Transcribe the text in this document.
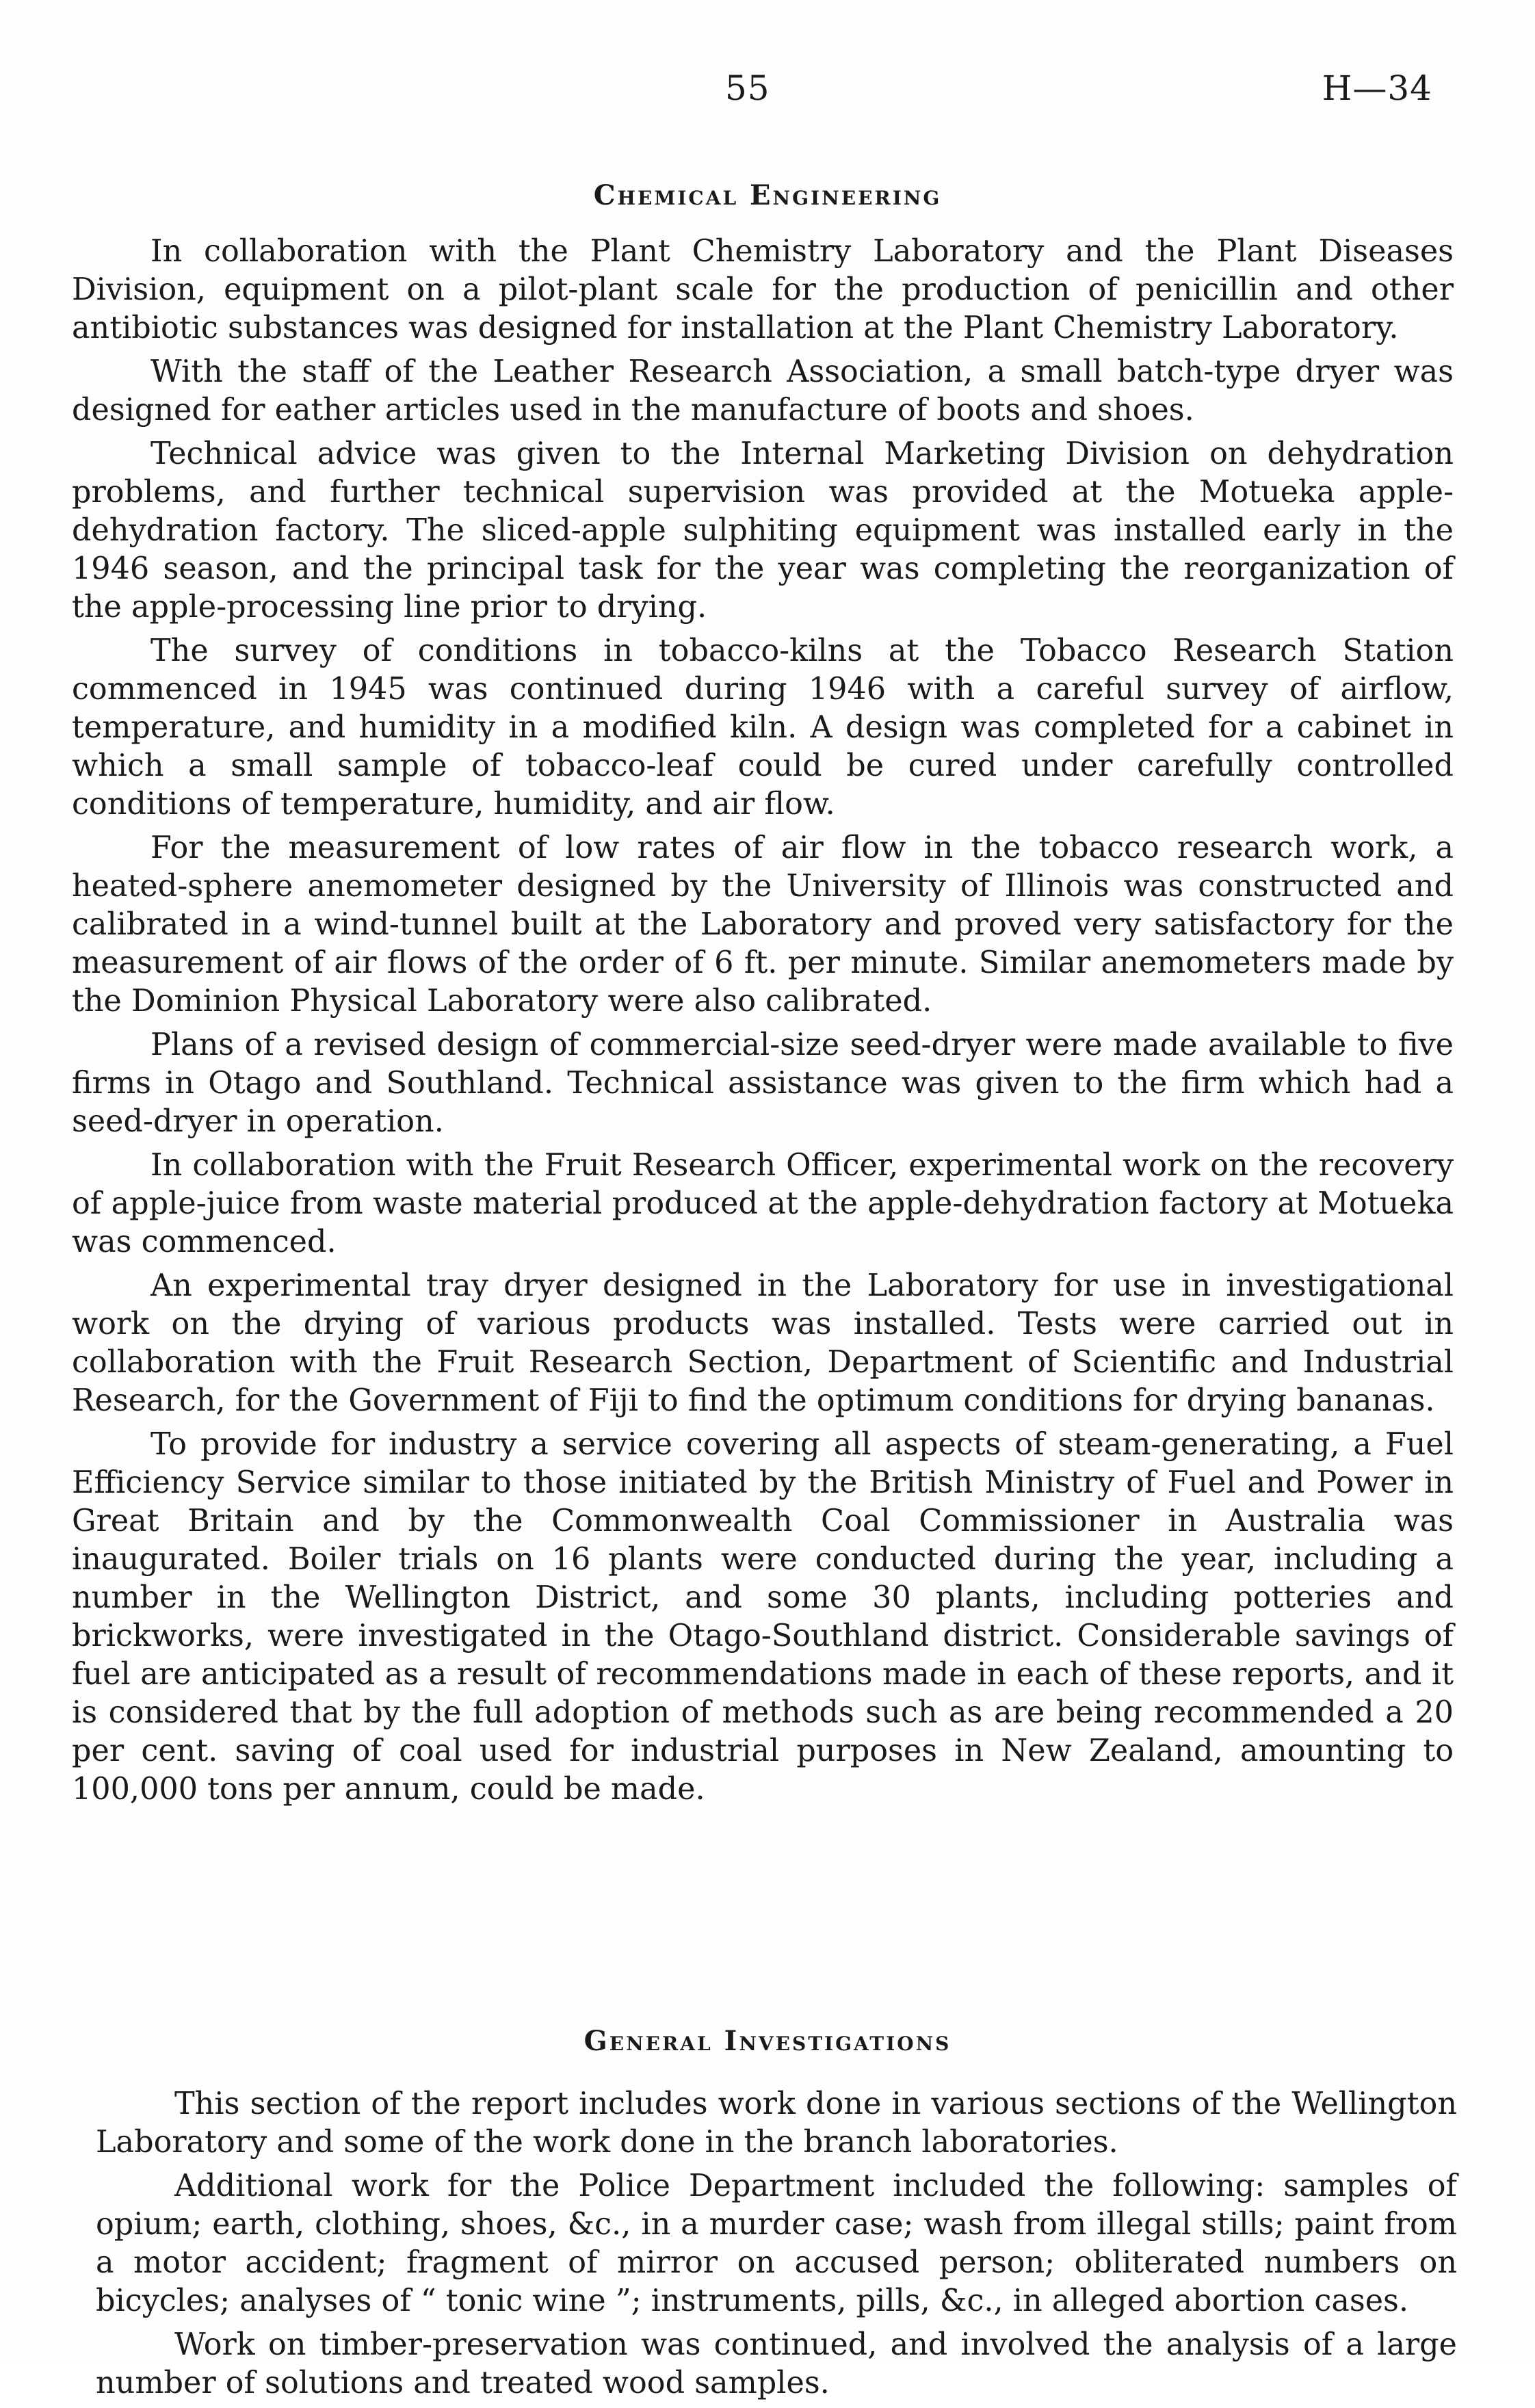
55	H—34
Chemical Engineering

In collaboration with the Plant Chemistry Laboratory and the Plant Diseases Division, equipment on a pilot-plant scale for the production of penicillin and other antibiotic substances was designed for installation at the Plant Chemistry Laboratory.

With the staff of the Leather Research Association, a small batch-type dryer was designed for eather articles used in the manufacture of boots and shoes.

Technical advice was given to the Internal Marketing Division on dehydration problems, and further technical supervision was provided at the Motueka apple-dehydration factory. The sliced-apple sulphiting equipment was installed early in the 1946 season, and the principal task for the year was completing the reorganization of the apple-processing line prior to drying.

The survey of conditions in tobacco-kilns at the Tobacco Research Station commenced in 1945 was continued during 1946 with a careful survey of airflow, temperature, and humidity in a modified kiln. A design was completed for a cabinet in which a small sample of tobacco-leaf could be cured under carefully controlled conditions of temperature, humidity, and air flow.

For the measurement of low rates of air flow in the tobacco research work, a heated-sphere anemometer designed by the University of Illinois was constructed and calibrated in a wind-tunnel built at the Laboratory and proved very satisfactory for the measurement of air flows of the order of 6 ft. per minute. Similar anemometers made by the Dominion Physical Laboratory were also calibrated.

Plans of a revised design of commercial-size seed-dryer were made available to five firms in Otago and Southland. Technical assistance was given to the firm which had a seed-dryer in operation.

In collaboration with the Fruit Research Officer, experimental work on the recovery of apple-juice from waste material produced at the apple-dehydration factory at Motueka was commenced.

An experimental tray dryer designed in the Laboratory for use in investigational work on the drying of various products was installed. Tests were carried out in collaboration with the Fruit Research Section, Department of Scientific and Industrial Research, for the Government of Fiji to find the optimum conditions for drying bananas.

To provide for industry a service covering all aspects of steam-generating, a Fuel Efficiency Service similar to those initiated by the British Ministry of Fuel and Power in Great Britain and by the Commonwealth Coal Commissioner in Australia was inaugurated. Boiler trials on 16 plants were conducted during the year, including a number in the Wellington District, and some 30 plants, including potteries and brickworks, were investigated in the Otago-Southland district. Considerable savings of fuel are anticipated as a result of recommendations made in each of these reports, and it is considered that by the full adoption of methods such as are being recommended a 20 per cent. saving of coal used for industrial purposes in New Zealand, amounting to 100,000 tons per annum, could be made.

General Investigations

This section of the report includes work done in various sections of the Wellington Laboratory and some of the work done in the branch laboratories.

Additional work for the Police Department included the following: samples of opium; earth, clothing, shoes, &c., in a murder case; wash from illegal stills; paint from a motor accident; fragment of mirror on accused person; obliterated numbers on bicycles; analyses of “ tonic wine ”; instruments, pills, &c., in alleged abortion cases.

Work on timber-preservation was continued, and involved the analysis of a large number of solutions and treated wood samples.
